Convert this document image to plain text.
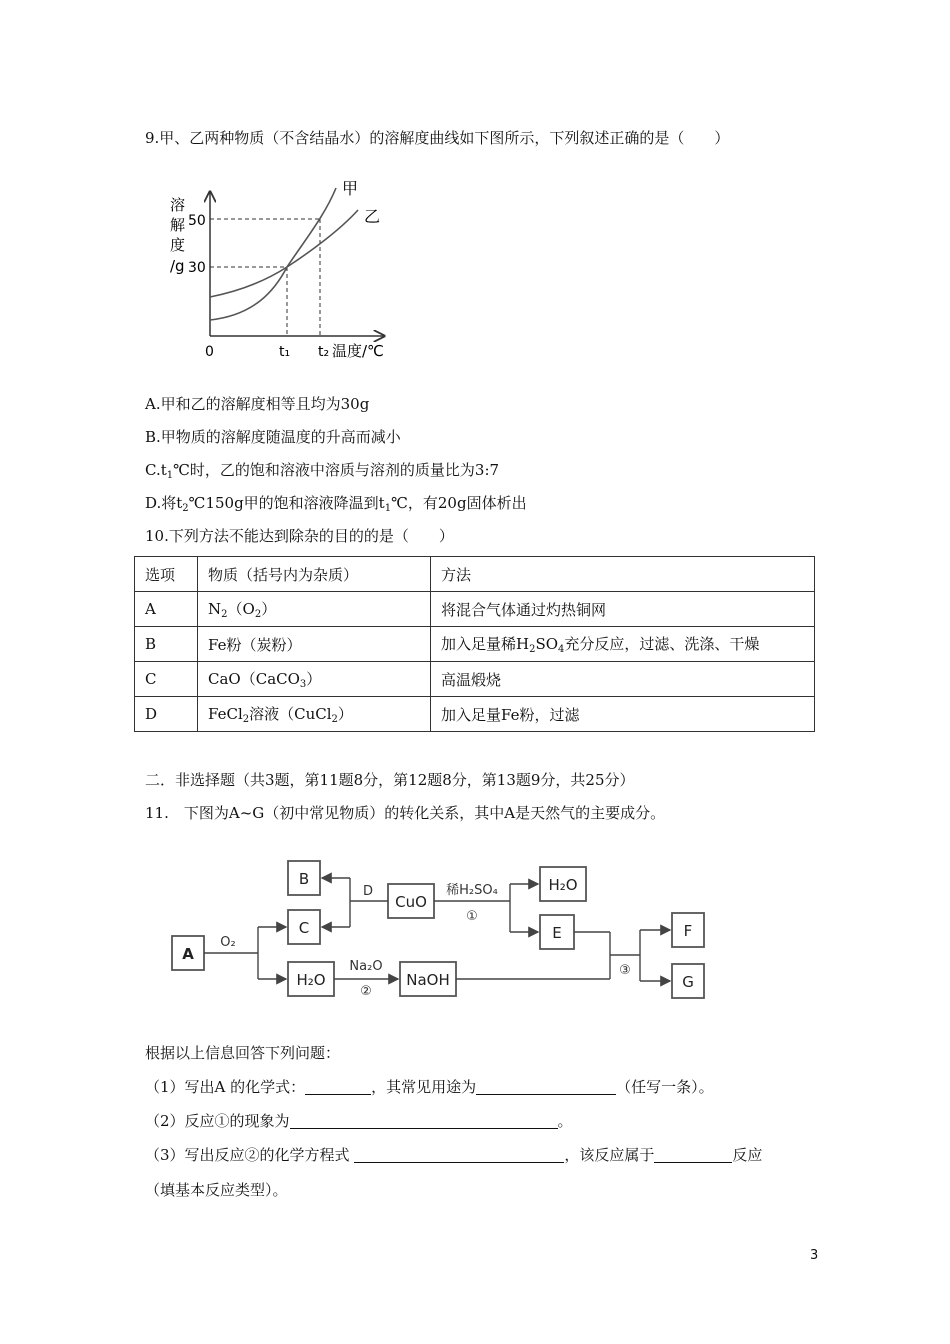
9.甲、乙两种物质（不含结晶水）的溶解度曲线如下图所示，下列叙述正确的是（　　）
溶
解
度
/g
50
30
0	t₁ t₂ 温度/℃
甲
乙
A.甲和乙的溶解度相等且均为30g
B.甲物质的溶解度随温度的升高而减小
$C.t_1℃$时，乙的饱和溶液中溶质与溶剂的质量比为3:7
D.将$t_2℃150g$甲的饱和溶液降温到$t_1℃$，有20g固体析出
10.下列方法不能达到除杂的目的的是（　　）
选项	物质（括号内为杂质）	方法
A	$N_2(O_2)$	将混合气体通过灼热铜网
B	Fe粉（炭粉）	加入足量稀$H_2SO_4$充分反应，过滤、洗涤、干燥
C	CaO（CaCO$_3$）	高温煅烧
D	FeCl$_2$溶液（CuCl$_2$）	加入足量Fe粉，过滤
二．非选择题（共3题，第11题8分，第12题8分，第13题9分，共25分）
11.　下图为A~G（初中常见物质）的转化关系，其中A是天然气的主要成分。
A
B
C
CuO
H₂O
E	F
G
H₂O	NaOH
O₂
D	稀H₂SO₄
①
Na₂O
②
③
根据以上信息回答下列问题：
（1）写出A 的化学式：	，其常见用途为	（任写一条）。
（2）反应①的现象为	。
（3）写出反应②的化学方程式	，该反应属于	反应
（填基本反应类型）。
3
